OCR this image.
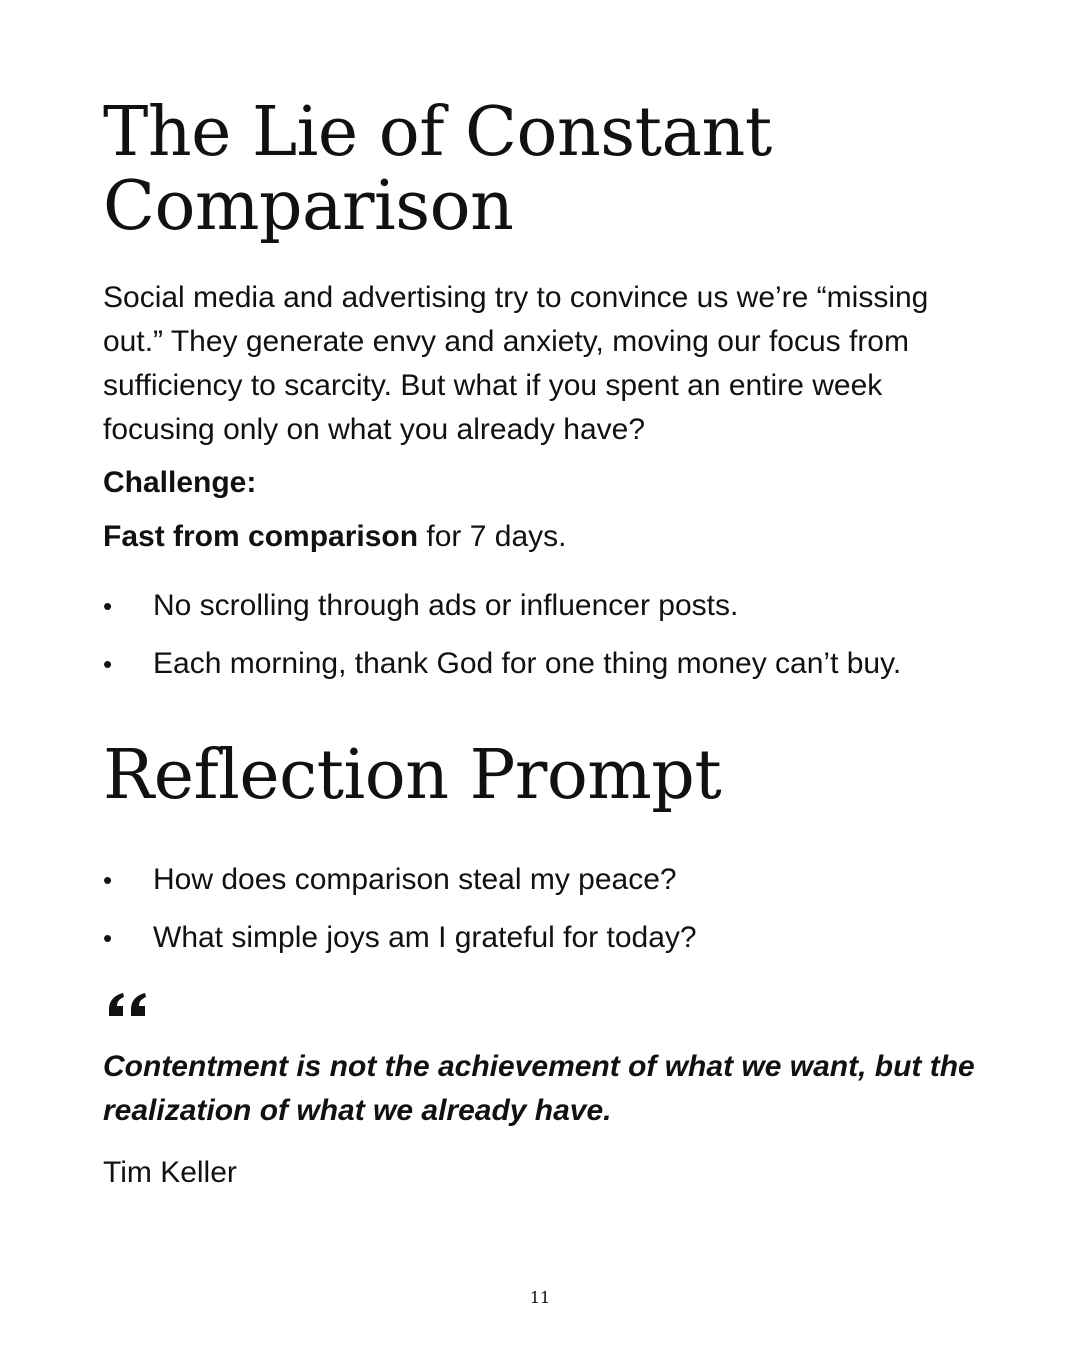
The Lie of Constant Comparison

Social media and advertising try to convince us we’re “missing out.” They generate envy and anxiety, moving our focus from sufficiency to scarcity. But what if you spent an entire week focusing only on what you already have?

Challenge:

Fast from comparison for 7 days.

• No scrolling through ads or influencer posts.
• Each morning, thank God for one thing money can’t buy.
Reflection Prompt
• How does comparison steal my peace?
• What simple joys am I grateful for today?

Contentment is not the achievement of what we want, but the realization of what we already have.

Tim Keller

11
